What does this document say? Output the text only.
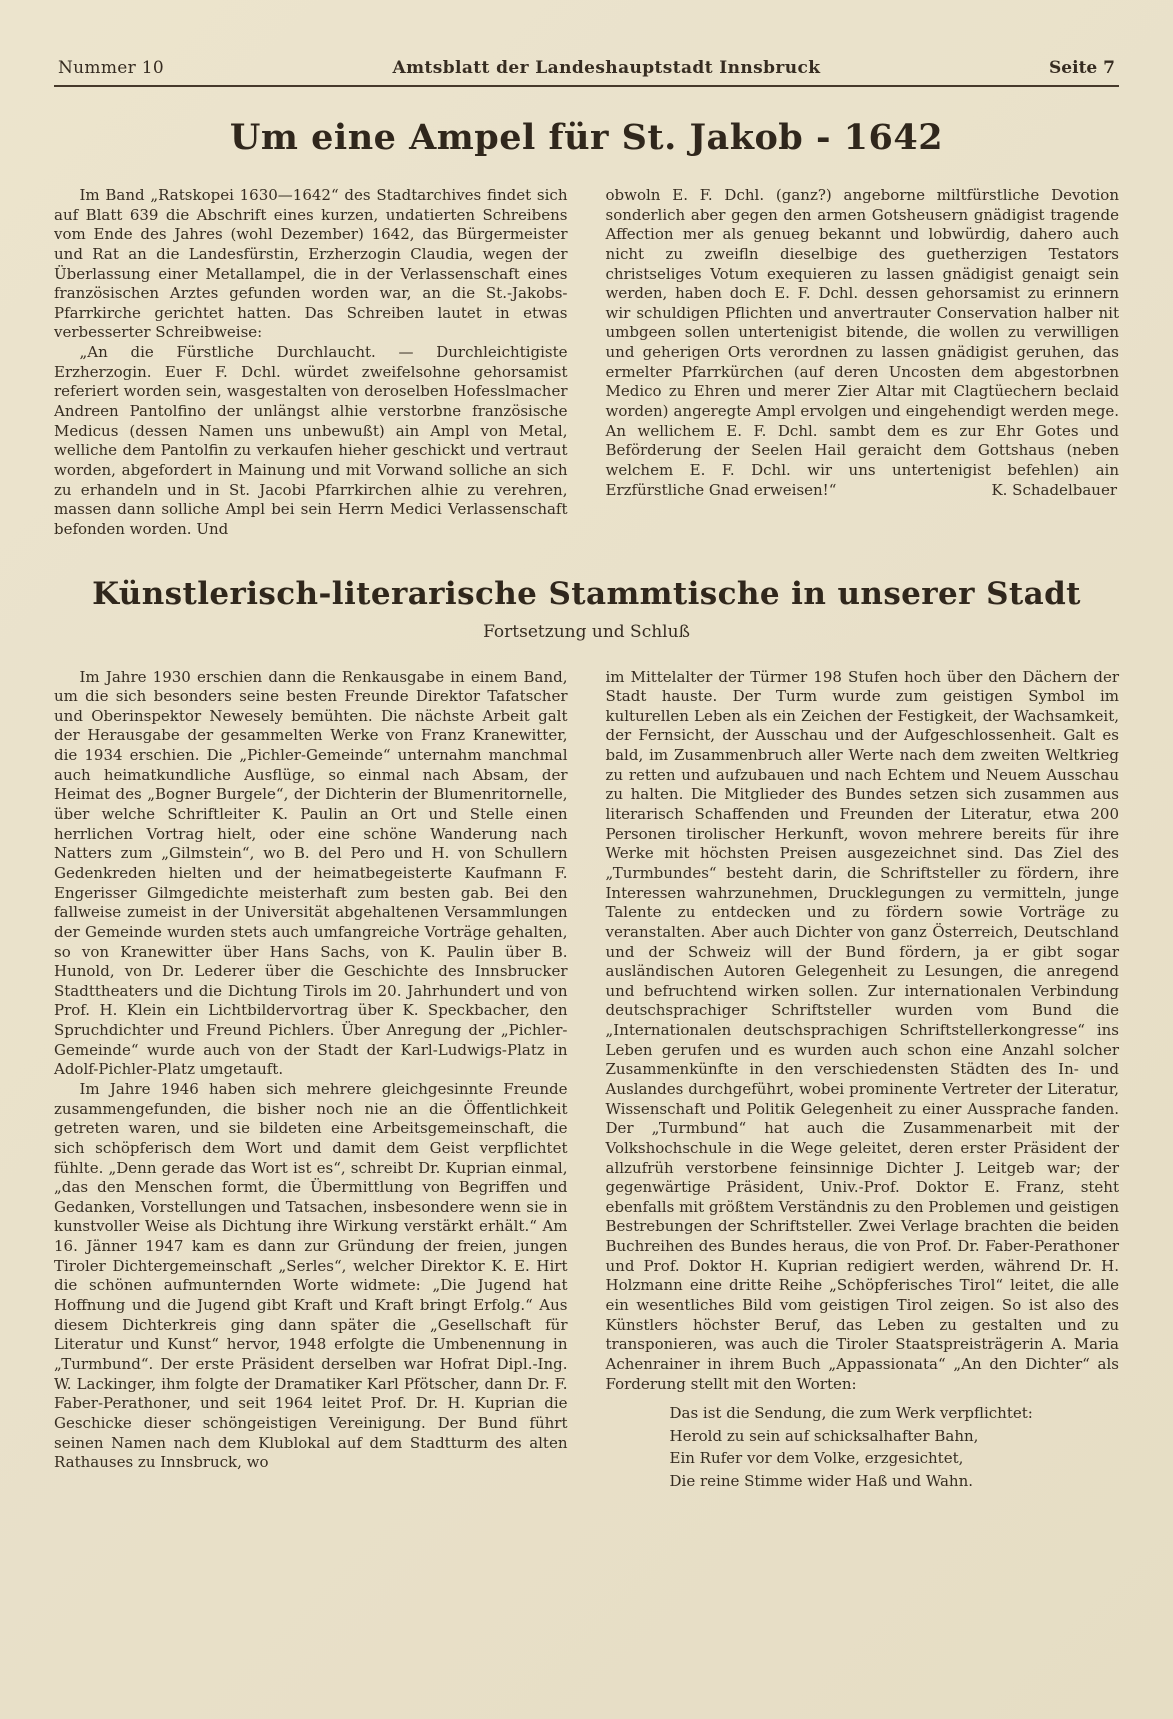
Nummer 10	Amtsblatt der Landeshauptstadt Innsbruck	Seite 7
Um eine Ampel für St. Jakob - 1642

Im Band „Ratskopei 1630—1642“ des Stadtarchives findet sich auf Blatt 639 die Abschrift eines kurzen, undatierten Schreibens vom Ende des Jahres (wohl Dezember) 1642, das Bürgermeister und Rat an die Landesfürstin, Erzherzogin Claudia, wegen der Überlassung einer Metallampel, die in der Verlassenschaft eines französischen Arztes gefunden worden war, an die St.-Jakobs-Pfarrkirche gerichtet hatten. Das Schreiben lautet in etwas verbesserter Schreibweise:

„An die Fürstliche Durchlaucht. — Durchleichtigiste Erzherzogin. Euer F. Dchl. würdet zweifelsohne gehorsamist referiert worden sein, wasgestalten von deroselben Hofesslmacher Andreen Pantolfino der unlängst alhie verstorbne französische Medicus (dessen Namen uns unbewußt) ain Ampl von Metal, welliche dem Pantolfin zu verkaufen hieher geschickt und vertraut worden, abgefordert in Mainung und mit Vorwand solliche an sich zu erhandeln und in St. Jacobi Pfarrkirchen alhie zu verehren, massen dann solliche Ampl bei sein Herrn Medici Verlassenschaft befonden worden. Und

obwoln E. F. Dchl. (ganz?) angeborne miltfürstliche Devotion sonderlich aber gegen den armen Gotsheusern gnädigist tragende Affection mer als genueg bekannt und lobwürdig, dahero auch nicht zu zweifln dieselbige des guetherzigen Testators christseliges Votum exequieren zu lassen gnädigist genaigt sein werden, haben doch E. F. Dchl. dessen gehorsamist zu erinnern wir schuldigen Pflichten und anvertrauter Conservation halber nit umbgeen sollen untertenigist bitende, die wollen zu verwilligen und geherigen Orts verordnen zu lassen gnädigist geruhen, das ermelter Pfarrkürchen (auf deren Uncosten dem abgestorbnen Medico zu Ehren und merer Zier Altar mit Clagtüechern beclaid worden) angeregte Ampl ervolgen und eingehendigt werden mege. An wellichem E. F. Dchl. sambt dem es zur Ehr Gotes und Beförderung der Seelen Hail geraicht dem Gottshaus (neben welchem E. F. Dchl. wir uns untertenigist befehlen) ain Erzfürstliche Gnad erweisen!“	K. Schadelbauer
Künstlerisch-literarische Stammtische in unserer Stadt
Fortsetzung und Schluß

Im Jahre 1930 erschien dann die Renkausgabe in einem Band, um die sich besonders seine besten Freunde Direktor Tafatscher und Oberinspektor Newesely bemühten. Die nächste Arbeit galt der Herausgabe der gesammelten Werke von Franz Kranewitter, die 1934 erschien. Die „Pichler-Gemeinde“ unternahm manchmal auch heimatkundliche Ausflüge, so einmal nach Absam, der Heimat des „Bogner Burgele“, der Dichterin der Blumenritornelle, über welche Schriftleiter K. Paulin an Ort und Stelle einen herrlichen Vortrag hielt, oder eine schöne Wanderung nach Natters zum „Gilmstein“, wo B. del Pero und H. von Schullern Gedenkreden hielten und der heimatbegeisterte Kaufmann F. Engerisser Gilmgedichte meisterhaft zum besten gab. Bei den fallweise zumeist in der Universität abgehaltenen Versammlungen der Gemeinde wurden stets auch umfangreiche Vorträge gehalten, so von Kranewitter über Hans Sachs, von K. Paulin über B. Hunold, von Dr. Lederer über die Geschichte des Innsbrucker Stadttheaters und die Dichtung Tirols im 20. Jahrhundert und von Prof. H. Klein ein Lichtbildervortrag über K. Speckbacher, den Spruchdichter und Freund Pichlers. Über Anregung der „Pichler-Gemeinde“ wurde auch von der Stadt der Karl-Ludwigs-Platz in Adolf-Pichler-Platz umgetauft.

Im Jahre 1946 haben sich mehrere gleichgesinnte Freunde zusammengefunden, die bisher noch nie an die Öffentlichkeit getreten waren, und sie bildeten eine Arbeitsgemeinschaft, die sich schöpferisch dem Wort und damit dem Geist verpflichtet fühlte. „Denn gerade das Wort ist es“, schreibt Dr. Kuprian einmal, „das den Menschen formt, die Übermittlung von Begriffen und Gedanken, Vorstellungen und Tatsachen, insbesondere wenn sie in kunstvoller Weise als Dichtung ihre Wirkung verstärkt erhält.“ Am 16. Jänner 1947 kam es dann zur Gründung der freien, jungen Tiroler Dichtergemeinschaft „Serles“, welcher Direktor K. E. Hirt die schönen aufmunternden Worte widmete: „Die Jugend hat Hoffnung und die Jugend gibt Kraft und Kraft bringt Erfolg.“ Aus diesem Dichterkreis ging dann später die „Gesellschaft für Literatur und Kunst“ hervor, 1948 erfolgte die Umbenennung in „Turmbund“. Der erste Präsident derselben war Hofrat Dipl.-Ing. W. Lackinger, ihm folgte der Dramatiker Karl Pfötscher, dann Dr. F. Faber-Perathoner, und seit 1964 leitet Prof. Dr. H. Kuprian die Geschicke dieser schöngeistigen Vereinigung. Der Bund führt seinen Namen nach dem Klublokal auf dem Stadtturm des alten Rathauses zu Innsbruck, wo

im Mittelalter der Türmer 198 Stufen hoch über den Dächern der Stadt hauste. Der Turm wurde zum geistigen Symbol im kulturellen Leben als ein Zeichen der Festigkeit, der Wachsamkeit, der Fernsicht, der Ausschau und der Aufgeschlossenheit. Galt es bald, im Zusammenbruch aller Werte nach dem zweiten Weltkrieg zu retten und aufzubauen und nach Echtem und Neuem Ausschau zu halten. Die Mitglieder des Bundes setzen sich zusammen aus literarisch Schaffenden und Freunden der Literatur, etwa 200 Personen tirolischer Herkunft, wovon mehrere bereits für ihre Werke mit höchsten Preisen ausgezeichnet sind. Das Ziel des „Turmbundes“ besteht darin, die Schriftsteller zu fördern, ihre Interessen wahrzunehmen, Drucklegungen zu vermitteln, junge Talente zu entdecken und zu fördern sowie Vorträge zu veranstalten. Aber auch Dichter von ganz Österreich, Deutschland und der Schweiz will der Bund fördern, ja er gibt sogar ausländischen Autoren Gelegenheit zu Lesungen, die anregend und befruchtend wirken sollen. Zur internationalen Verbindung deutschsprachiger Schriftsteller wurden vom Bund die „Internationalen deutschsprachigen Schriftstellerkongresse“ ins Leben gerufen und es wurden auch schon eine Anzahl solcher Zusammenkünfte in den verschiedensten Städten des In- und Auslandes durchgeführt, wobei prominente Vertreter der Literatur, Wissenschaft und Politik Gelegenheit zu einer Aussprache fanden. Der „Turmbund“ hat auch die Zusammenarbeit mit der Volkshochschule in die Wege geleitet, deren erster Präsident der allzufrüh verstorbene feinsinnige Dichter J. Leitgeb war; der gegenwärtige Präsident, Univ.-Prof. Doktor E. Franz, steht ebenfalls mit größtem Verständnis zu den Problemen und geistigen Bestrebungen der Schriftsteller. Zwei Verlage brachten die beiden Buchreihen des Bundes heraus, die von Prof. Dr. Faber-Perathoner und Prof. Doktor H. Kuprian redigiert werden, während Dr. H. Holzmann eine dritte Reihe „Schöpferisches Tirol“ leitet, die alle ein wesentliches Bild vom geistigen Tirol zeigen. So ist also des Künstlers höchster Beruf, das Leben zu gestalten und zu transponieren, was auch die Tiroler Staatspreisträgerin A. Maria Achenrainer in ihrem Buch „Appassionata“ „An den Dichter“ als Forderung stellt mit den Worten:

Das ist die Sendung, die zum Werk verpflichtet:
Herold zu sein auf schicksalhafter Bahn,
Ein Rufer vor dem Volke, erzgesichtet,
Die reine Stimme wider Haß und Wahn.
